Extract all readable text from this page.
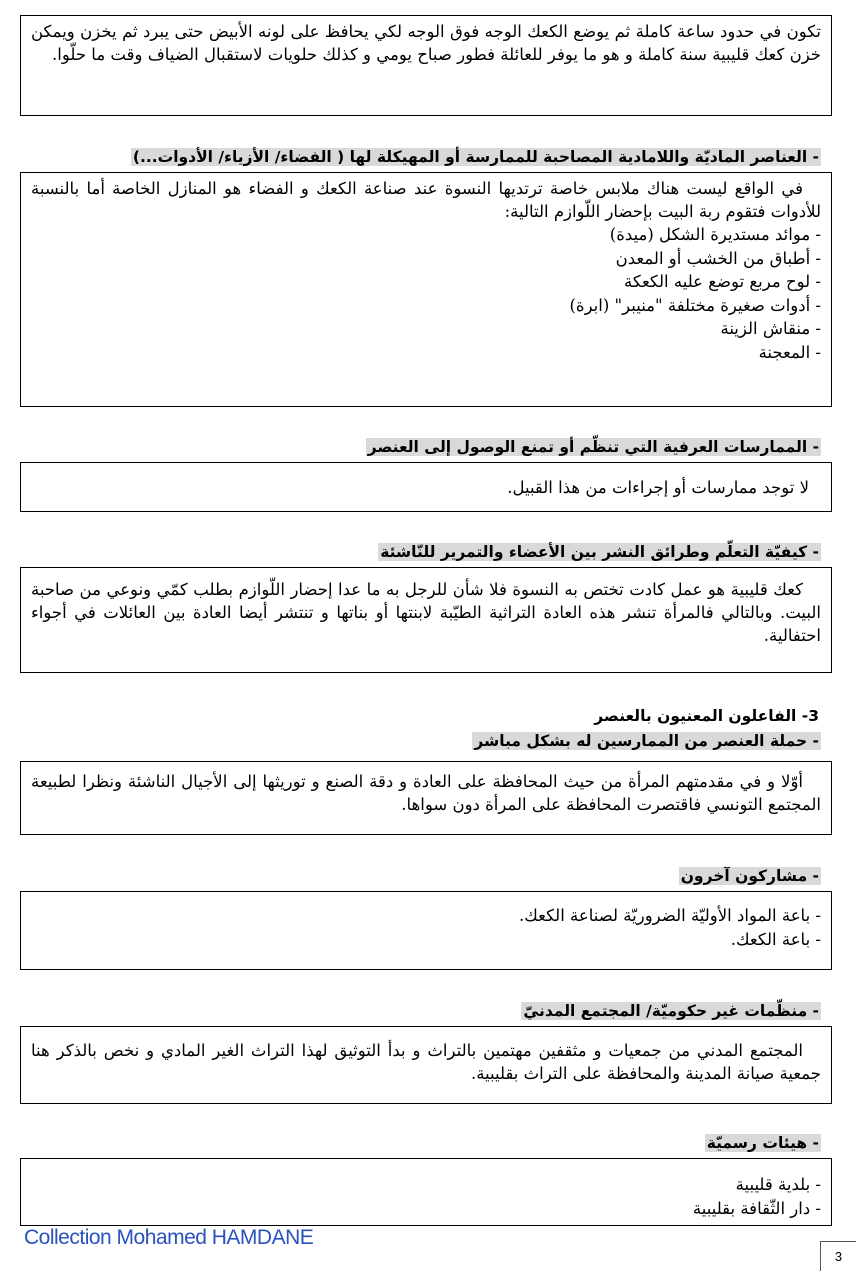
تكون في حدود ساعة كاملة ثم يوضع الكعك الوجه فوق الوجه لكي يحافظ على لونه الأبيض حتى يبرد ثم يخزن ويمكن خزن كعك قليبية سنة كاملة و هو ما يوفر للعائلة فطور صباح يومي و كذلك حلويات لاستقبال الضياف وقت ما حلّوا.

- العناصر الماديّة واللامادية المصاحبة للممارسة أو المهيكلة لها ( الفضاء/ الأزياء/ الأدوات...)

في الواقع ليست هناك ملابس خاصة ترتديها النسوة عند صناعة الكعك و الفضاء هو المنازل الخاصة أما بالنسبة للأدوات فتقوم ربة البيت بإحضار اللّوازم التالية:

- موائد مستديرة الشكل (ميدة)
- أطباق من الخشب أو المعدن
- لوح مربع توضع عليه الكعكة
- أدوات صغيرة مختلفة "منيبر" (ابرة)
- منقاش الزينة
- المعجنة
- الممارسات العرفية التي تنظّم أو تمنع الوصول إلى العنصر

لا توجد ممارسات أو إجراءات من هذا القبيل.

- كيفيّة التعلّم وطرائق النشر بين الأعضاء والتمرير للنّاشئة

كعك قليبية هو عمل كادت تختص به النسوة فلا شأن للرجل به ما عدا إحضار اللّوازم بطلب كمّي ونوعي من صاحبة البيت. وبالتالي فالمرأة تنشر هذه العادة التراثية الطيّبة لابنتها أو بناتها و تنتشر أيضا العادة بين العائلات في أجواء احتفالية.

3- الفاعلون المعنيون بالعنصر
- حملة العنصر من الممارسين له بشكل مباشر

أوّلا و في مقدمتهم المرأة من حيث المحافظة على العادة و دقة الصنع و توريثها إلى الأجيال الناشئة ونظرا لطبيعة المجتمع التونسي فاقتصرت المحافظة على المرأة دون سواها.

- مشاركون آخرون
- باعة المواد الأوليّة الضروريّة لصناعة الكعك.
- باعة الكعك.
- منظّمات غير حكوميّة/ المجتمع المدنيّ

المجتمع المدني من جمعيات و مثقفين مهتمين بالتراث و بدأ التوثيق لهذا التراث الغير المادي و نخص بالذكر هنا جمعية صيانة المدينة والمحافظة على التراث بقليبية.

- هيئات رسميّة
- بلدية قليبية
- دار الثّقافة بقليبية
Collection Mohamed HAMDANE
3
